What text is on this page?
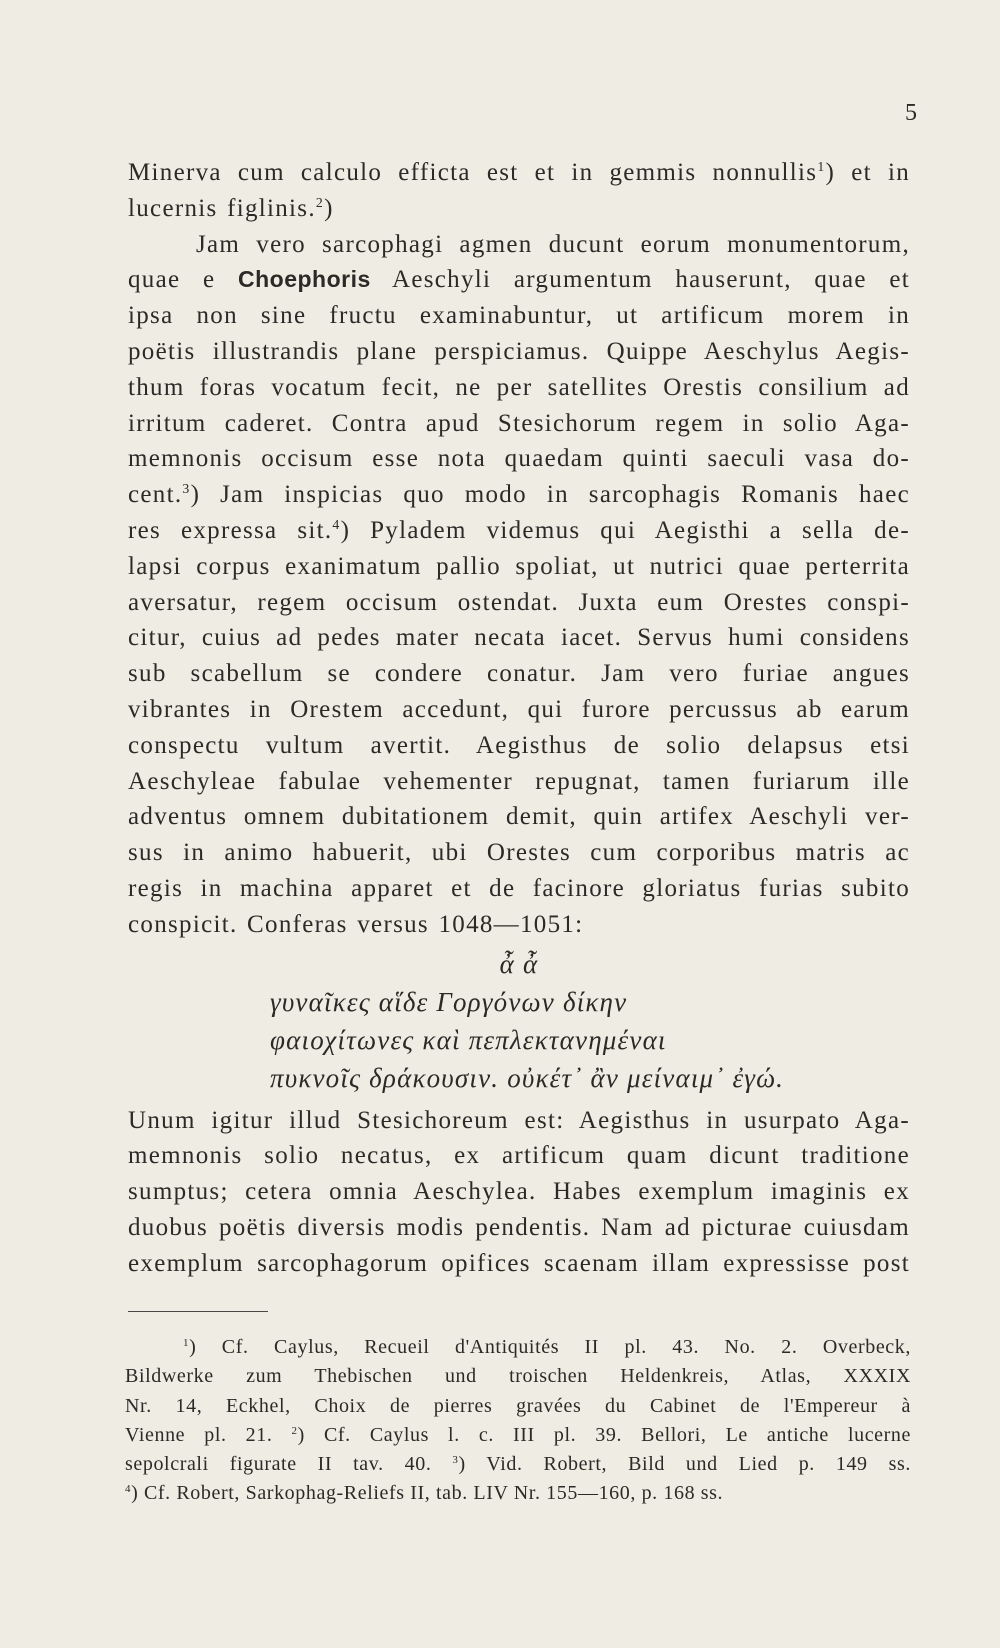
5
Minerva cum calculo efficta est et in gemmis nonnullis$^1$) et in
lucernis figlinis.$^2$)
Jam vero sarcophagi agmen ducunt eorum monumentorum,
quae e Choephoris Aeschyli argumentum hauserunt, quae et
ipsa non sine fructu examinabuntur, ut artificum morem in
poëtis illustrandis plane perspiciamus. Quippe Aeschylus Aegis-
thum foras vocatum fecit, ne per satellites Orestis consilium ad
irritum caderet. Contra apud Stesichorum regem in solio Aga-
memnonis occisum esse nota quaedam quinti saeculi vasa do-
cent.$^3$) Jam inspicias quo modo in sarcophagis Romanis haec
res expressa sit.$^4$) Pyladem videmus qui Aegisthi a sella de-
lapsi corpus exanimatum pallio spoliat, ut nutrici quae perterrita
aversatur, regem occisum ostendat. Juxta eum Orestes conspi-
citur, cuius ad pedes mater necata iacet. Servus humi considens
sub scabellum se condere conatur. Jam vero furiae angues
vibrantes in Orestem accedunt, qui furore percussus ab earum
conspectu vultum avertit. Aegisthus de solio delapsus etsi
Aeschyleae fabulae vehementer repugnat, tamen furiarum ille
adventus omnem dubitationem demit, quin artifex Aeschyli ver-
sus in animo habuerit, ubi Orestes cum corporibus matris ac
regis in machina apparet et de facinore gloriatus furias subito
conspicit. Conferas versus 1048—1051:
ἆ ἆ
γυναῖκες αἵδε Γοργόνων δίκην
φαιοχίτωνες καὶ πεπλεκτανημέναι
πυκνοῖς δράκουσιν. οὐκέτ᾽ ἂν μείναιμ᾽ ἐγώ.
Unum igitur illud Stesichoreum est: Aegisthus in usurpato Aga-
memnonis solio necatus, ex artificum quam dicunt traditione
sumptus; cetera omnia Aeschylea. Habes exemplum imaginis ex
duobus poëtis diversis modis pendentis. Nam ad picturae cuiusdam
exemplum sarcophagorum opifices scaenam illam expressisse post
$^1$) Cf. Caylus, Recueil d'Antiquités II pl. 43. No. 2. Overbeck,
Bildwerke zum Thebischen und troischen Heldenkreis, Atlas, XXXIX
Nr. 14, Eckhel, Choix de pierres gravées du Cabinet de l'Empereur à
Vienne pl. 21. $^2$) Cf. Caylus l. c. III pl. 39. Bellori, Le antiche lucerne
sepolcrali figurate II tav. 40. $^3$) Vid. Robert, Bild und Lied p. 149 ss.
$^4$) Cf. Robert, Sarkophag-Reliefs II, tab. LIV Nr. 155—160, p. 168 ss.
